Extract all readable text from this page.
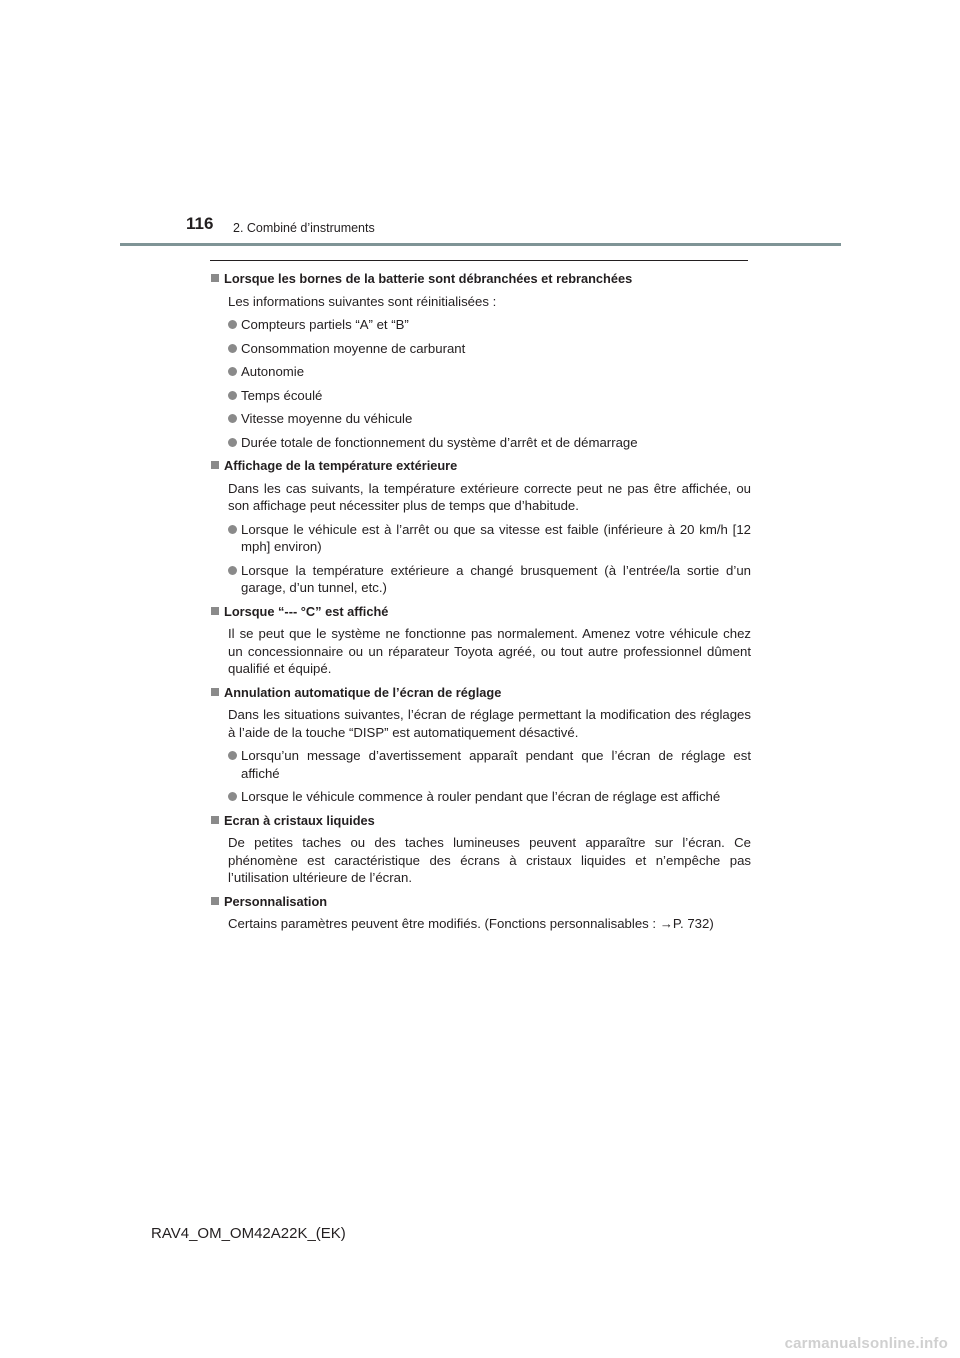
116 2. Combiné d’instruments
Lorsque les bornes de la batterie sont débranchées et rebranchées
Les informations suivantes sont réinitialisées :
Compteurs partiels “A” et “B”
Consommation moyenne de carburant
Autonomie
Temps écoulé
Vitesse moyenne du véhicule
Durée totale de fonctionnement du système d’arrêt et de démarrage
Affichage de la température extérieure
Dans les cas suivants, la température extérieure correcte peut ne pas être affichée, ou son affichage peut nécessiter plus de temps que d’habitude.
Lorsque le véhicule est à l’arrêt ou que sa vitesse est faible (inférieure à 20 km/h [12 mph] environ)
Lorsque la température extérieure a changé brusquement (à l’entrée/la sortie d’un garage, d’un tunnel, etc.)
Lorsque “--- °C” est affiché
Il se peut que le système ne fonctionne pas normalement. Amenez votre véhicule chez un concessionnaire ou un réparateur Toyota agréé, ou tout autre professionnel dûment qualifié et équipé.
Annulation automatique de l’écran de réglage
Dans les situations suivantes, l’écran de réglage permettant la modification des réglages à l’aide de la touche “DISP” est automatiquement désactivé.
Lorsqu’un message d’avertissement apparaît pendant que l’écran de réglage est affiché
Lorsque le véhicule commence à rouler pendant que l’écran de réglage est affiché
Ecran à cristaux liquides
De petites taches ou des taches lumineuses peuvent apparaître sur l’écran. Ce phénomène est caractéristique des écrans à cristaux liquides et n’empêche pas l’utilisation ultérieure de l’écran.
Personnalisation
Certains paramètres peuvent être modifiés. (Fonctions personnalisables : →P. 732)
RAV4_OM_OM42A22K_(EK)
carmanualsonline.info
